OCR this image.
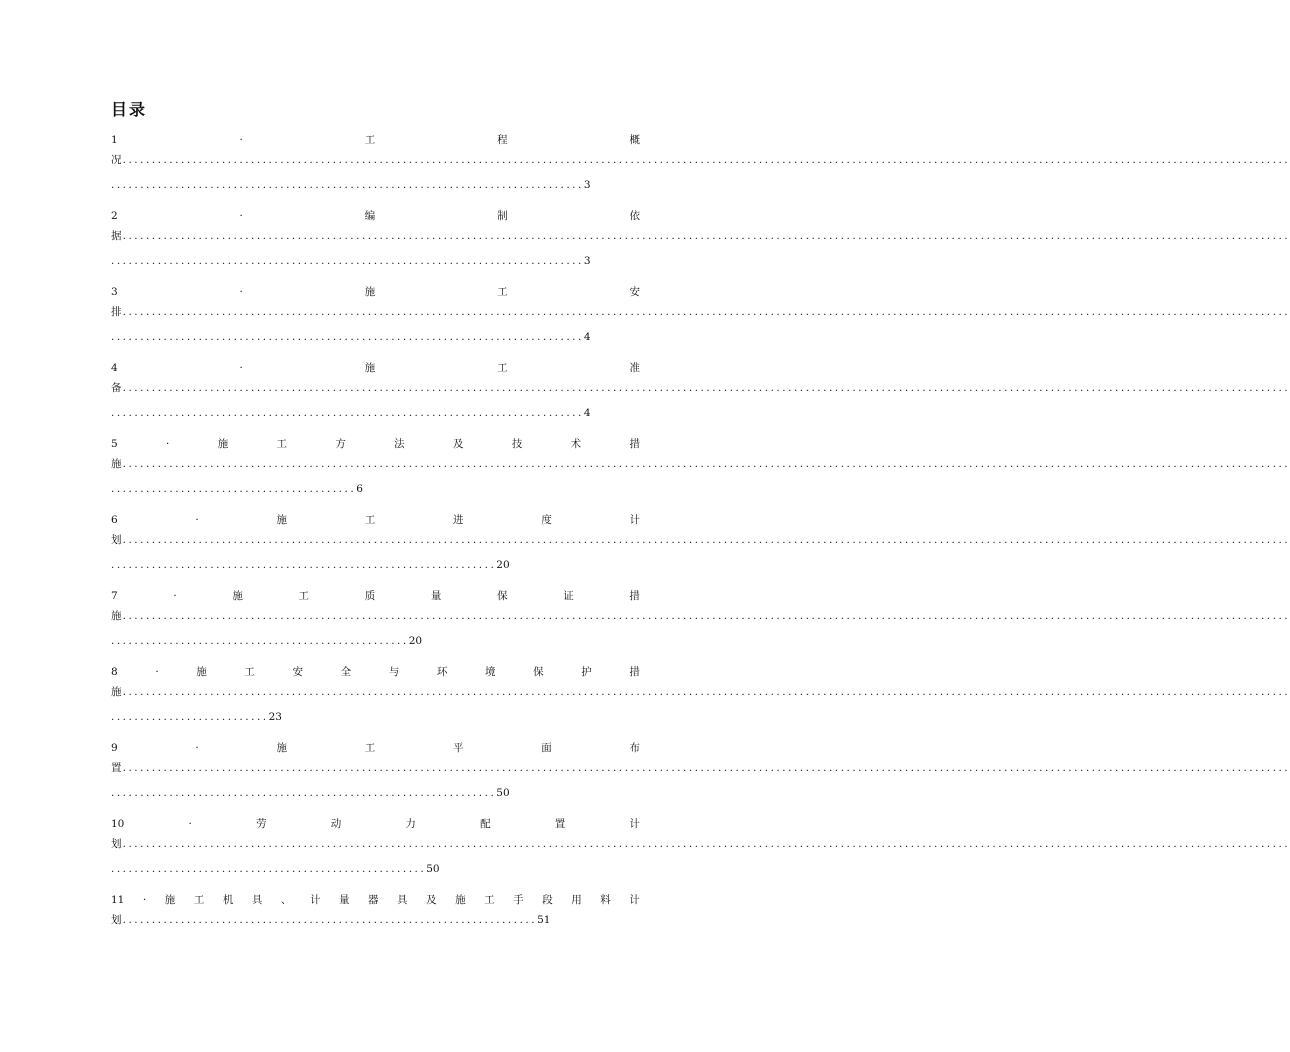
目录
1	·	工	程	概
况........................................................................................................................................................................................................
.................................................................................3
2	·	编	制	依
据........................................................................................................................................................................................................
.................................................................................3
3	·	施	工	安
排........................................................................................................................................................................................................
.................................................................................4
4	·	施	工	准
备........................................................................................................................................................................................................
.................................................................................4
5	·	施	工	方	法	及	技	术	措
施........................................................................................................................................................................................................
..........................................6
6	·	施	工	进	度	计
划........................................................................................................................................................................................................
..................................................................20
7	·	施	工	质	量	保	证	措
施........................................................................................................................................................................................................
...................................................20
8	·	施	工	安	全	与	环	境	保	护	措
施........................................................................................................................................................................................................
...........................23
9	·	施	工	平	面	布
置........................................................................................................................................................................................................
..................................................................50
10	·	劳	动	力	配	置	计
划........................................................................................................................................................................................................
......................................................50
11 · 施 工 机 具 、 计 量 器 具 及 施 工 手 段 用 料 计
划.......................................................................51
